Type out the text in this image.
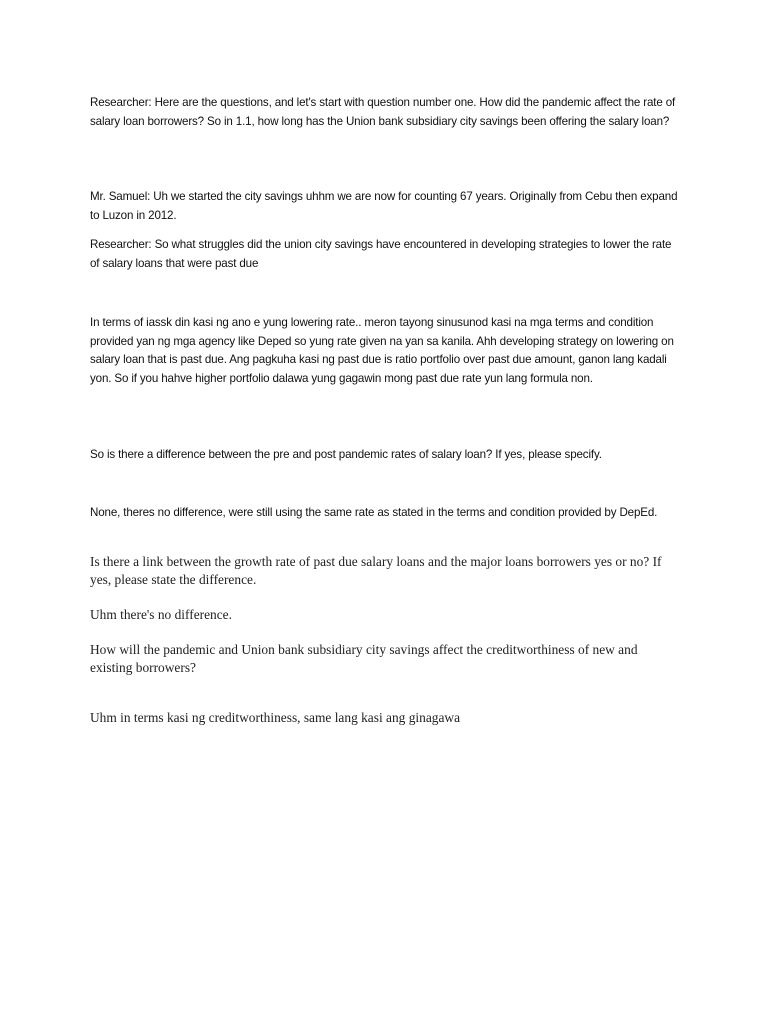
Researcher: Here are the questions, and let's start with question number one. How did the pandemic affect the rate of salary loan borrowers? So in 1.1, how long has the Union bank subsidiary city savings been offering the salary loan?

Mr. Samuel: Uh we started the city savings uhhm we are now for counting 67 years. Originally from Cebu then expand to Luzon in 2012.

Researcher: So what struggles did the union city savings have encountered in developing strategies to lower the rate of salary loans that were past due

In terms of iassk din kasi ng ano e yung lowering rate.. meron tayong sinusunod kasi na mga terms and condition provided yan ng mga agency like Deped so yung rate given na yan sa kanila. Ahh developing strategy on lowering on salary loan that is past due. Ang pagkuha kasi ng past due is ratio portfolio over past due amount, ganon lang kadali yon. So if you hahve higher portfolio dalawa yung gagawin mong past due rate yun lang formula non.

So is there a difference between the pre and post pandemic rates of salary loan? If yes, please specify.

None, theres no difference, were still using the same rate as stated in the terms and condition provided by DepEd.

Is there a link between the growth rate of past due salary loans and the major loans borrowers yes or no? If yes, please state the difference.

Uhm there's no difference.

How will the pandemic and Union bank subsidiary city savings affect the creditworthiness of new and existing borrowers?

Uhm in terms kasi ng creditworthiness, same lang kasi ang ginagawa
